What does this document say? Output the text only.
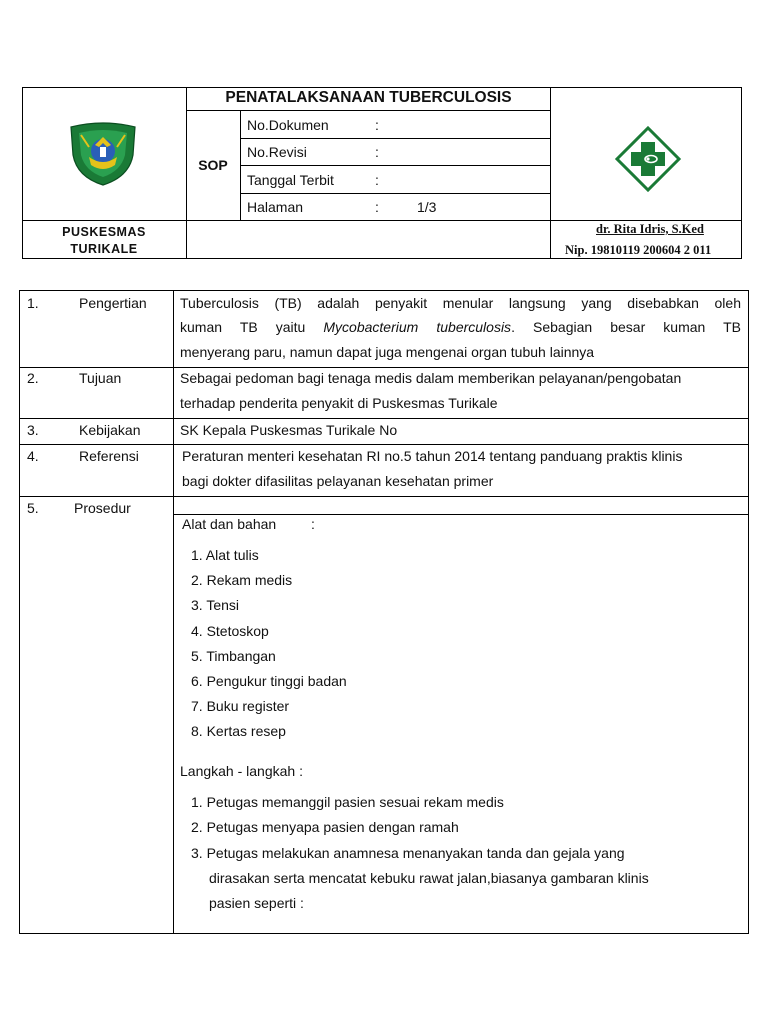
PENATALAKSANAAN TUBERCULOSIS
SOP
No.Dokumen	:
No.Revisi	:
Tanggal Terbit	:
Halaman	:	1/3
PUSKESMAS
TURIKALE
dr. Rita Idris, S.Ked
Nip. 19810119 200604 2 011
1.	Pengertian Tuberculosis (TB) adalah penyakit menular langsung yang disebabkan oleh
kuman TB yaitu Mycobacterium tuberculosis. Sebagian besar kuman TB
menyerang paru, namun dapat juga mengenai organ tubuh lainnya
2.	Tujuan	Sebagai pedoman bagi tenaga medis dalam memberikan pelayanan/pengobatan
terhadap penderita penyakit di Puskesmas Turikale
3.	Kebijakan	SK Kepala Puskesmas Turikale No
4.	Referensi	Peraturan menteri kesehatan RI no.5 tahun 2014 tentang panduang praktis klinis
bagi dokter difasilitas pelayanan kesehatan primer
5.	Prosedur
Alat dan bahan :
1. Alat tulis
2. Rekam medis
3. Tensi
4. Stetoskop
5. Timbangan
6. Pengukur tinggi badan
7. Buku register
8. Kertas resep
Langkah - langkah :
1. Petugas memanggil pasien sesuai rekam medis
2. Petugas menyapa pasien dengan ramah
3. Petugas melakukan anamnesa menanyakan tanda dan gejala yang
dirasakan serta mencatat kebuku rawat jalan,biasanya gambaran klinis
pasien seperti :
